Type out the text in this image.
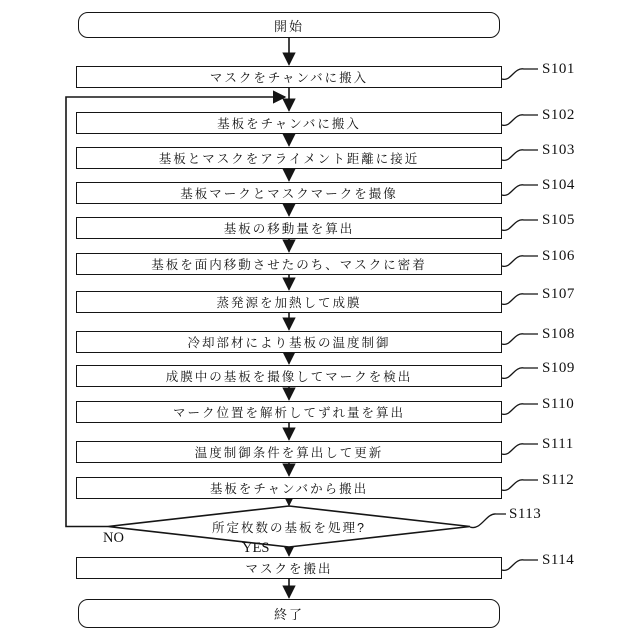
開始
終了
マスクをチャンバに搬入
基板をチャンバに搬入
基板とマスクをアライメント距離に接近
基板マークとマスクマークを撮像
基板の移動量を算出
基板を面内移動させたのち、マスクに密着
蒸発源を加熱して成膜
冷却部材により基板の温度制御
成膜中の基板を撮像してマークを検出
マーク位置を解析してずれ量を算出
温度制御条件を算出して更新
基板をチャンバから搬出
マスクを搬出
所定枚数の基板を処理?
S101
S102
S103
S104
S105
S106
S107
S108
S109
S110
S111
S112
S113
S114
NO
YES
